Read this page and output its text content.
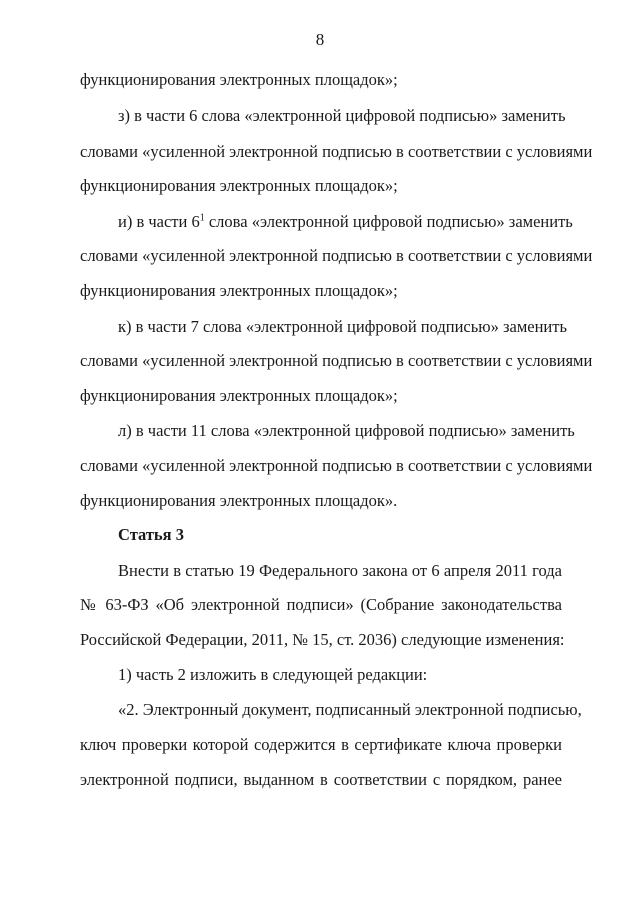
8
функционирования электронных площадок»;
з) в части 6 слова «электронной цифровой подписью» заменить
словами «усиленной электронной подписью в соответствии с условиями
функционирования электронных площадок»;
и) в части $6^1$ слова «электронной цифровой подписью» заменить
словами «усиленной электронной подписью в соответствии с условиями
функционирования электронных площадок»;
к) в части 7 слова «электронной цифровой подписью» заменить
словами «усиленной электронной подписью в соответствии с условиями
функционирования электронных площадок»;
л) в части 11 слова «электронной цифровой подписью» заменить
словами «усиленной электронной подписью в соответствии с условиями
функционирования электронных площадок».
Статья 3
Внести в статью 19 Федерального закона от 6 апреля 2011 года
№ 63-ФЗ «Об электронной подписи» (Собрание законодательства
Российской Федерации, 2011, № 15, ст. 2036) следующие изменения:
1) часть 2 изложить в следующей редакции:
«2. Электронный документ, подписанный электронной подписью,
ключ проверки которой содержится в сертификате ключа проверки
электронной подписи, выданном в соответствии с порядком, ранее
